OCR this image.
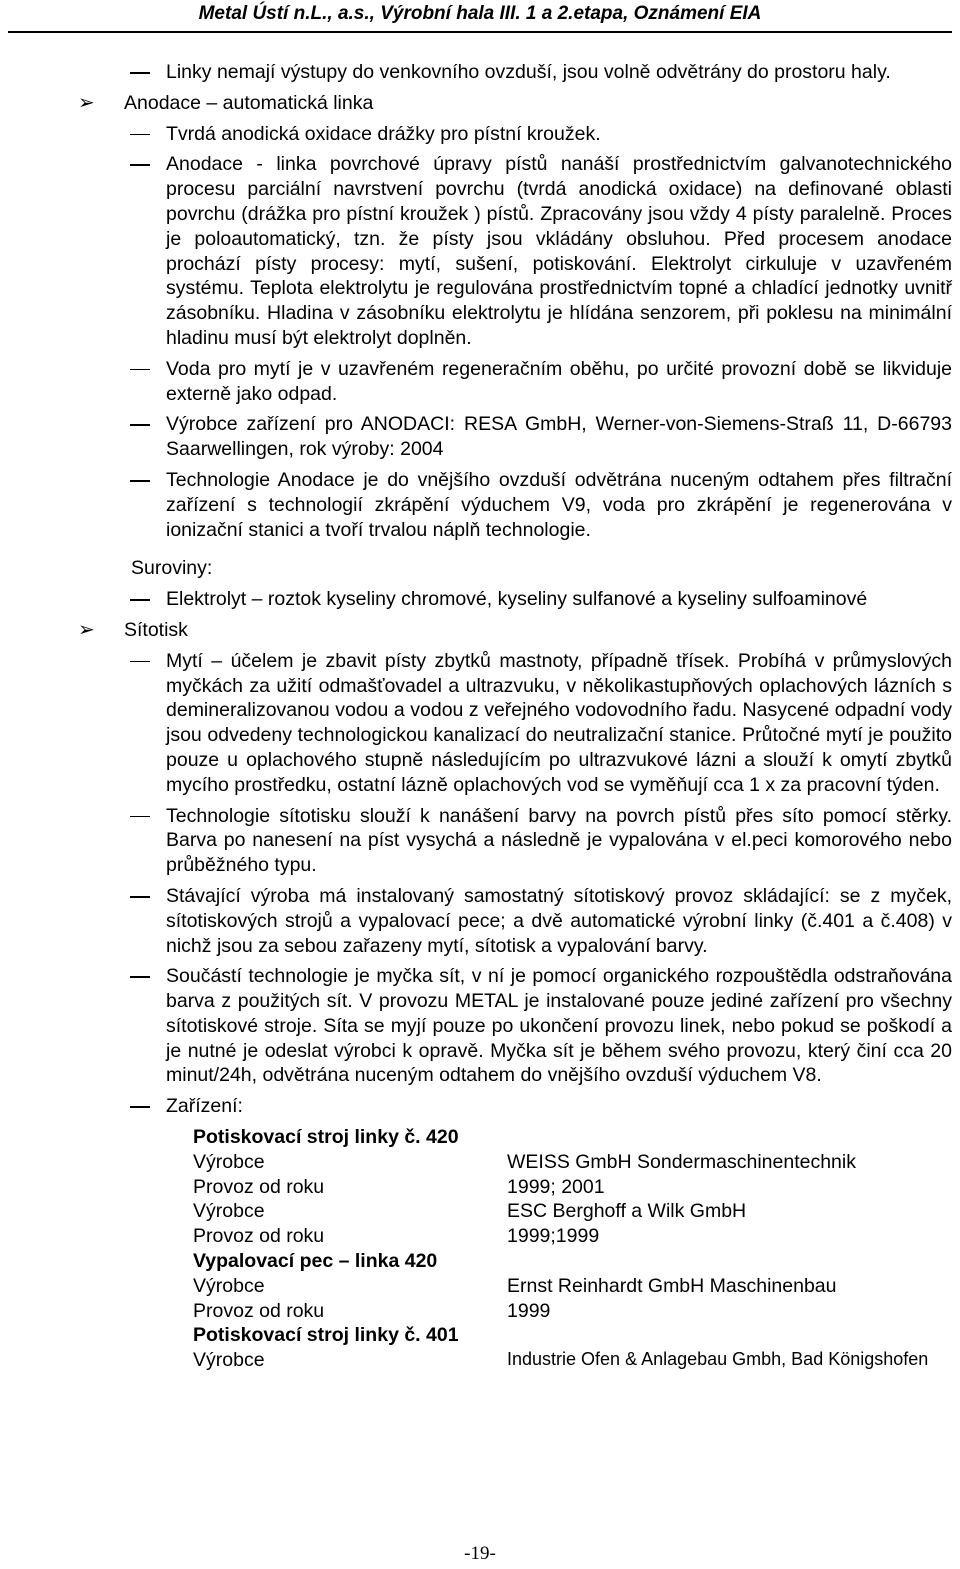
Metal Ústí n.L., a.s., Výrobní hala III. 1 a 2.etapa, Oznámení EIA
Linky nemají výstupy do venkovního ovzduší, jsou volně odvětrány do prostoru haly.
➢ Anodace – automatická linka
Tvrdá anodická oxidace drážky pro pístní kroužek.
Anodace - linka povrchové úpravy pístů nanáší prostřednictvím galvanotechnického procesu parciální navrstvení povrchu (tvrdá anodická oxidace) na definované oblasti povrchu (drážka pro pístní kroužek ) pístů. Zpracovány jsou vždy 4 písty paralelně. Proces je poloautomatický, tzn. že písty jsou vkládány obsluhou. Před procesem anodace prochází písty procesy: mytí, sušení, potiskování. Elektrolyt cirkuluje v uzavřeném systému. Teplota elektrolytu je regulována prostřednictvím topné a chladící jednotky uvnitř zásobníku. Hladina v zásobníku elektrolytu je hlídána senzorem, při poklesu na minimální hladinu musí být elektrolyt doplněn.
Voda pro mytí je v uzavřeném regeneračním oběhu, po určité provozní době se likviduje externě jako odpad.
Výrobce zařízení pro ANODACI: RESA GmbH, Werner-von-Siemens-Straß 11, D-66793 Saarwellingen, rok výroby: 2004
Technologie Anodace je do vnějšího ovzduší odvětrána nuceným odtahem přes filtrační zařízení s technologií zkrápění výduchem V9, voda pro zkrápění je regenerována v ionizační stanici a tvoří trvalou náplň technologie.
Suroviny:
Elektrolyt – roztok kyseliny chromové, kyseliny sulfanové a kyseliny sulfoaminové
➢ Sítotisk
Mytí – účelem je zbavit písty zbytků mastnoty, případně třísek. Probíhá v průmyslových myčkách za užití odmašťovadel a ultrazvuku, v několikastupňových oplachových lázních s demineralizovanou vodou a vodou z veřejného vodovodního řadu. Nasycené odpadní vody jsou odvedeny technologickou kanalizací do neutralizační stanice. Průtočné mytí je použito pouze u oplachového stupně následujícím po ultrazvukové lázni a slouží k omytí zbytků mycího prostředku, ostatní lázně oplachových vod se vyměňují cca 1 x za pracovní týden.
Technologie sítotisku slouží k nanášení barvy na povrch pístů přes síto pomocí stěrky. Barva po nanesení na píst vysychá a následně je vypalována v el.peci komorového nebo průběžného typu.
Stávající výroba má instalovaný samostatný sítotiskový provoz skládající: se z myček, sítotiskových strojů a vypalovací pece; a dvě automatické výrobní linky (č.401 a č.408) v nichž jsou za sebou zařazeny mytí, sítotisk a vypalování barvy.
Součástí technologie je myčka sít, v ní je pomocí organického rozpouštědla odstraňována barva z použitých sít. V provozu METAL je instalované pouze jediné zařízení pro všechny sítotiskové stroje. Síta se myjí pouze po ukončení provozu linek, nebo pokud se poškodí a je nutné je odeslat výrobci k opravě. Myčka sít je během svého provozu, který činí cca 20 minut/24h, odvětrána nuceným odtahem do vnějšího ovzduší výduchem V8.
Zařízení:
Potiskovací stroj linky č. 420	
Výrobce	WEISS GmbH Sondermaschinentechnik
Provoz od roku	1999; 2001
Výrobce	ESC Berghoff a Wilk GmbH
Provoz od roku	1999;1999
Vypalovací pec – linka 420	
Výrobce	Ernst Reinhardt GmbH Maschinenbau
Provoz od roku	1999
Potiskovací stroj linky č. 401	
Výrobce	Industrie Ofen & Anlagebau Gmbh, Bad Königshofen
-19-
